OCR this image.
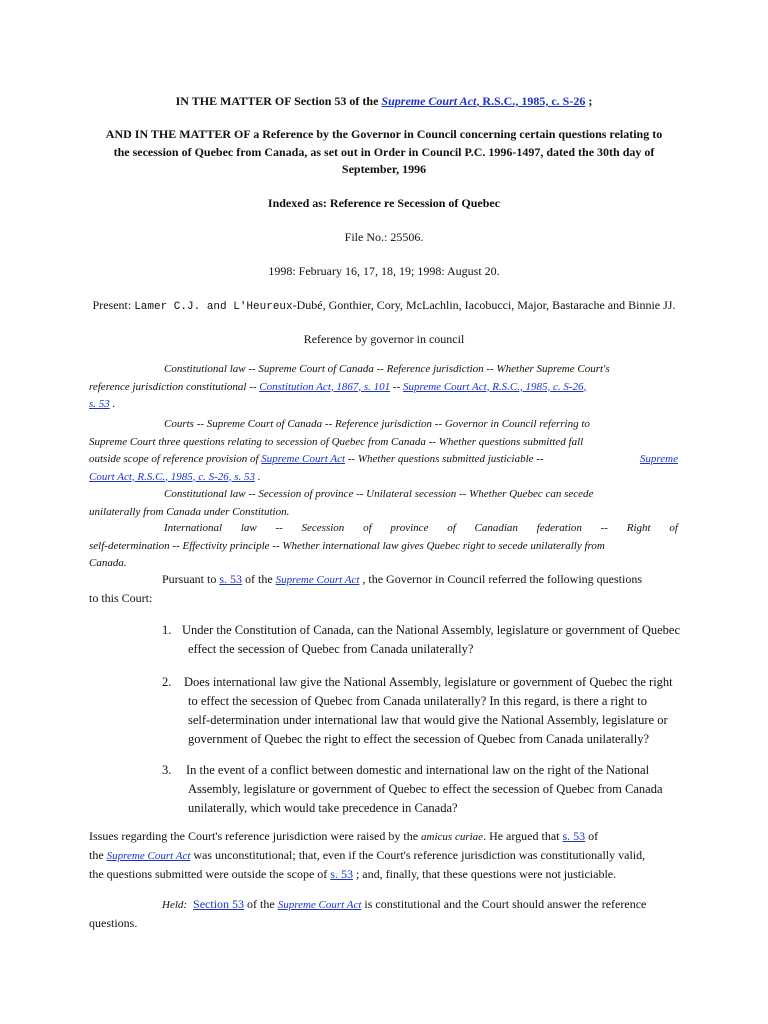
IN THE MATTER OF Section 53 of the Supreme Court Act, R.S.C., 1985, c. S-26 ;
AND IN THE MATTER OF a Reference by the Governor in Council concerning certain questions relating to
the secession of Quebec from Canada, as set out in Order in Council P.C. 1996-1497, dated the 30th day of
September, 1996
Indexed as: Reference re Secession of Quebec
File No.: 25506.
1998: February 16, 17, 18, 19; 1998: August 20.
Present: Lamer C.J. and L'Heureux-Dubé, Gonthier, Cory, McLachlin, Iacobucci, Major, Bastarache and Binnie JJ.
Reference by governor in council
Constitutional law -- Supreme Court of Canada -- Reference jurisdiction -- Whether Supreme Court's
reference jurisdiction constitutional -- Constitution Act, 1867, s. 101 -- Supreme Court Act, R.S.C., 1985, c. S-26,
s. 53 .
Courts -- Supreme Court of Canada -- Reference jurisdiction -- Governor in Council referring to
Supreme Court three questions relating to secession of Quebec from Canada -- Whether questions submitted fall
outside scope of reference provision of Supreme Court Act -- Whether questions submitted justiciable --	Supreme
Court Act, R.S.C., 1985, c. S-26, s. 53 .
Constitutional law -- Secession of province -- Unilateral secession -- Whether Quebec can secede
unilaterally from Canada under Constitution.
International law -- Secession of province of Canadian federation -- Right of
self-determination -- Effectivity principle -- Whether international law gives Quebec right to secede unilaterally from
Canada.
Pursuant to s. 53 of the Supreme Court Act , the Governor in Council referred the following questions
to this Court:
1. Under the Constitution of Canada, can the National Assembly, legislature or government of Quebec
effect the secession of Quebec from Canada unilaterally?
2.	Does international law give the National Assembly, legislature or government of Quebec the right
to effect the secession of Quebec from Canada unilaterally? In this regard, is there a right to
self-determination under international law that would give the National Assembly, legislature or
government of Quebec the right to effect the secession of Quebec from Canada unilaterally?
3.	In the event of a conflict between domestic and international law on the right of the National
Assembly, legislature or government of Quebec to effect the secession of Quebec from Canada
unilaterally, which would take precedence in Canada?
Issues regarding the Court's reference jurisdiction were raised by the amicus curiae. He argued that s. 53 of
the Supreme Court Act was unconstitutional; that, even if the Court's reference jurisdiction was constitutionally valid,
the questions submitted were outside the scope of s. 53 ; and, finally, that these questions were not justiciable.
Held: Section 53 of the Supreme Court Act is constitutional and the Court should answer the reference
questions.
